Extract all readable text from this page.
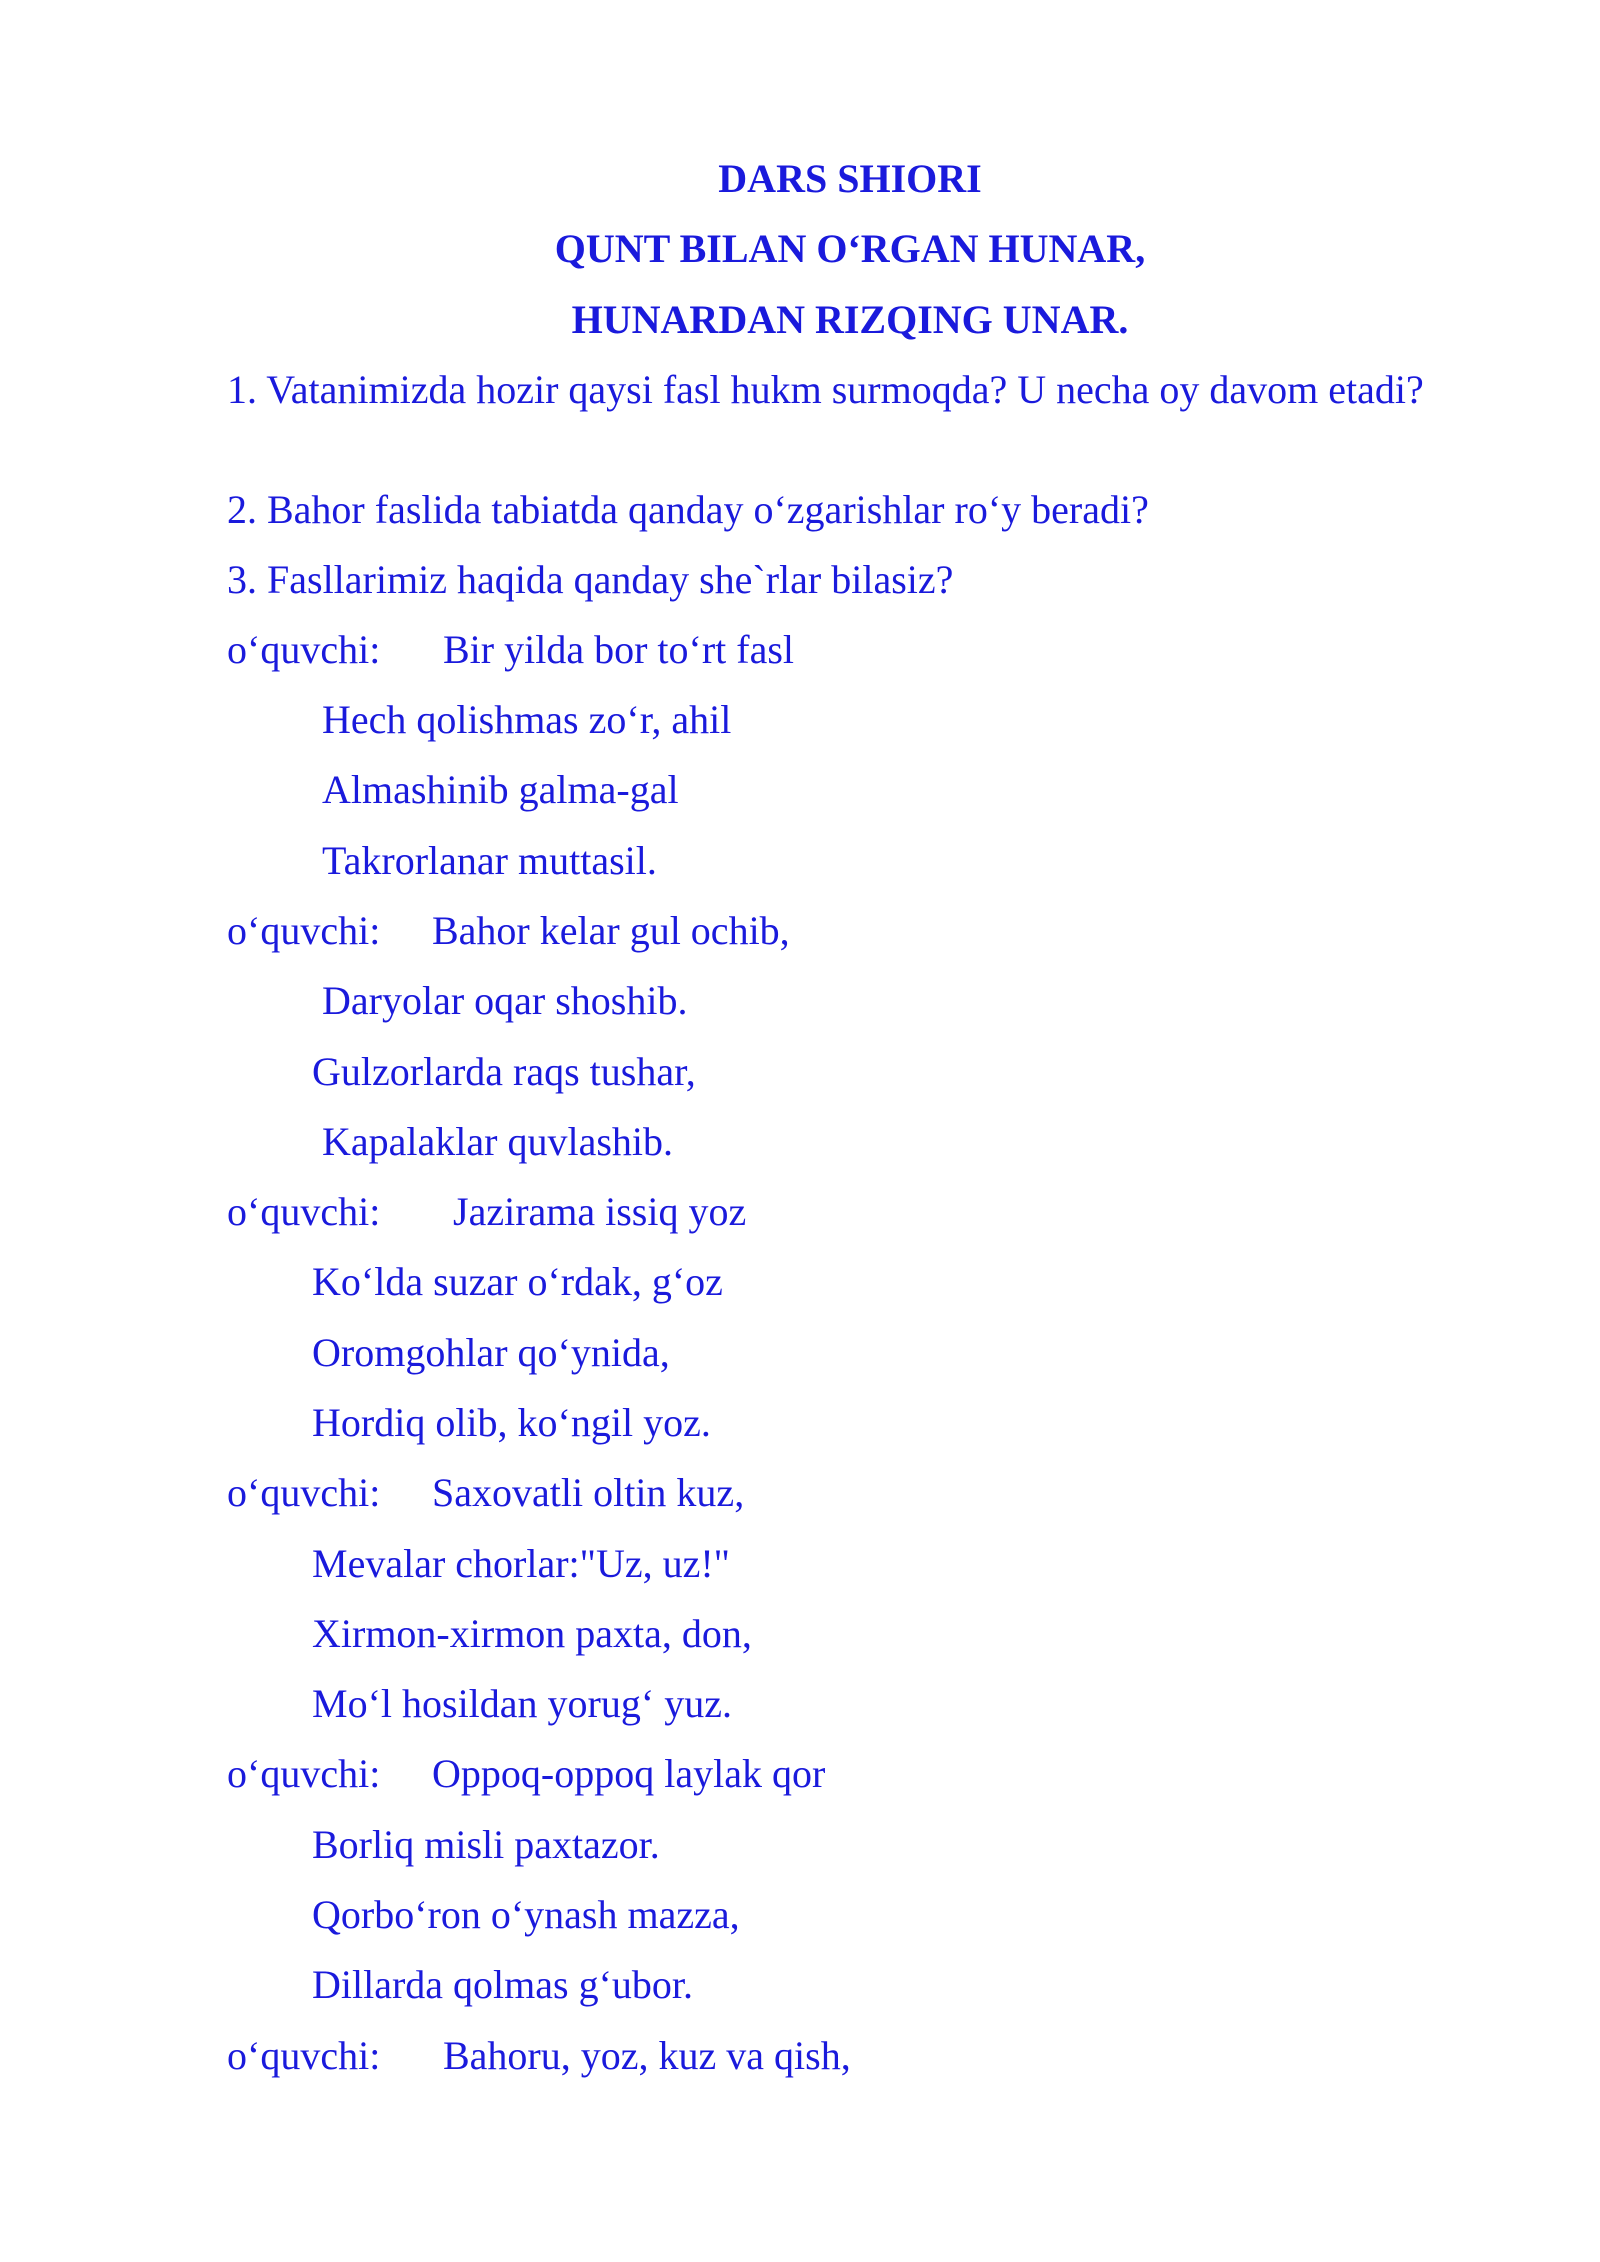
DARS SHIORI

QUNT BILAN O‘RGAN HUNAR,

HUNARDAN RIZQING UNAR.

1. Vatanimizda hozir qaysi fasl hukm surmoqda? U necha oy davom etadi?

2. Bahor faslida tabiatda qanday o‘zgarishlar ro‘y beradi?

3. Fasllarimiz haqida qanday she`rlar bilasiz?

o‘quvchi: Bir yilda bor to‘rt fasl
Hech qolishmas zo‘r, ahil
Almashinib galma-gal
Takrorlanar muttasil.
o‘quvchi: Bahor kelar gul ochib,
Daryolar oqar shoshib.
Gulzorlarda raqs tushar,
Kapalaklar quvlashib.
o‘quvchi: Jazirama issiq yoz
Ko‘lda suzar o‘rdak, g‘oz
Oromgohlar qo‘ynida,
Hordiq olib, ko‘ngil yoz.
o‘quvchi: Saxovatli oltin kuz,
Mevalar chorlar:"Uz, uz!"
Xirmon-xirmon paxta, don,
Mo‘l hosildan yorug‘ yuz.
o‘quvchi: Oppoq-oppoq laylak qor
Borliq misli paxtazor.
Qorbo‘ron o‘ynash mazza,
Dillarda qolmas g‘ubor.
o‘quvchi: Bahoru, yoz, kuz va qish,
